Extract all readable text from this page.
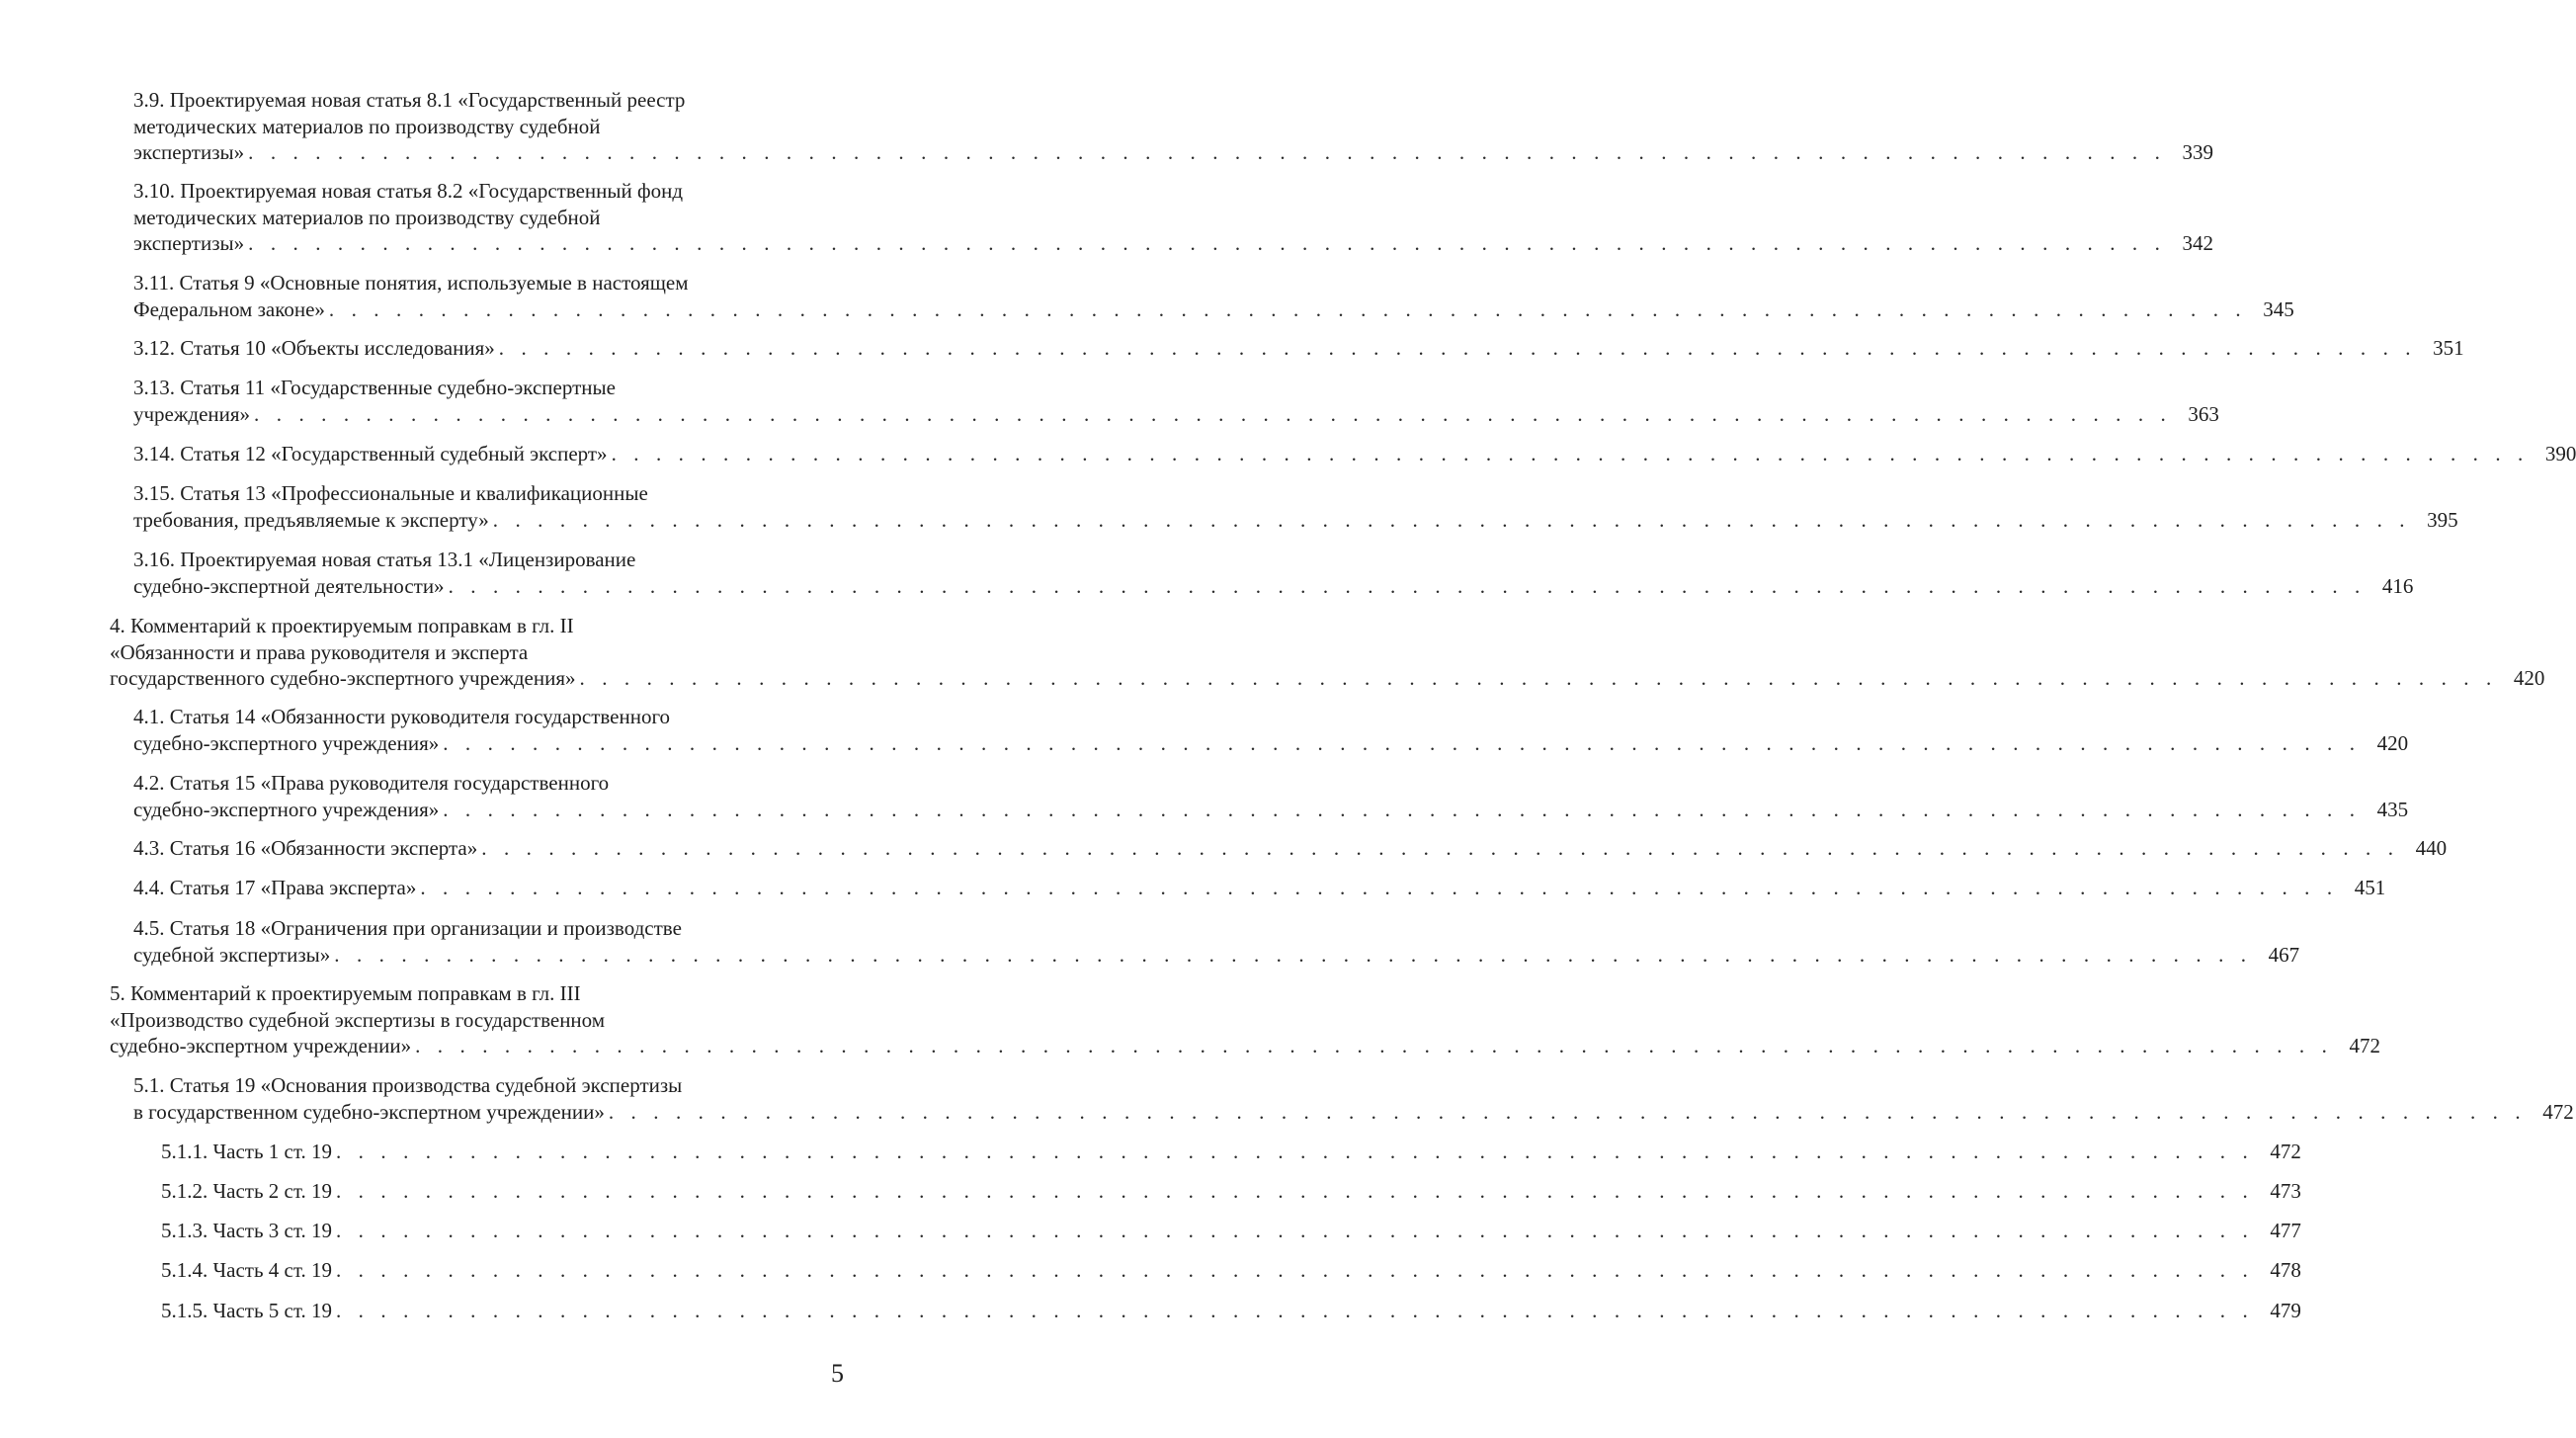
3.9. Проектируемая новая статья 8.1 «Государственный реестр
методических материалов по производству судебной
экспертизы» . . . . . . . . . . . . . . . . . . . . . . . . . . . . . . . . . . . . . . . . . . . . . . . . . . . . . . . . . . . . . . . . . . . . . . . . . . . . . . . . . . . . . . 339
3.10. Проектируемая новая статья 8.2 «Государственный фонд
методических материалов по производству судебной
экспертизы» . . . . . . . . . . . . . . . . . . . . . . . . . . . . . . . . . . . . . . . . . . . . . . . . . . . . . . . . . . . . . . . . . . . . . . . . . . . . . . . . . . . . . . 342
3.11. Статья 9 «Основные понятия, используемые в настоящем
Федеральном законе» . . . . . . . . . . . . . . . . . . . . . . . . . . . . . . . . . . . . . . . . . . . . . . . . . . . . . . . . . . . . . . . . . . . . . . . . . . . . . . . . . . . . . . 345
3.12. Статья 10 «Объекты исследования» . . . . . . . . . . . . . . . . . . . . . . . . . . . . . . . . . . . . . . . . . . . . . . . . . . . . . . . . . . . . . . . . . . . . . . . . . . . . . . . . . . . . . . 351
3.13. Статья 11 «Государственные судебно-экспертные
учреждения» . . . . . . . . . . . . . . . . . . . . . . . . . . . . . . . . . . . . . . . . . . . . . . . . . . . . . . . . . . . . . . . . . . . . . . . . . . . . . . . . . . . . . . 363
3.14. Статья 12 «Государственный судебный эксперт» . . . . . . . . . . . . . . . . . . . . . . . . . . . . . . . . . . . . . . . . . . . . . . . . . . . . . . . . . . . . . . . . . . . . . . . . . . . . . . . . . . . . . . 390
3.15. Статья 13 «Профессиональные и квалификационные
требования, предъявляемые к эксперту» . . . . . . . . . . . . . . . . . . . . . . . . . . . . . . . . . . . . . . . . . . . . . . . . . . . . . . . . . . . . . . . . . . . . . . . . . . . . . . . . . . . . . . 395
3.16. Проектируемая новая статья 13.1 «Лицензирование
судебно-экспертной деятельности» . . . . . . . . . . . . . . . . . . . . . . . . . . . . . . . . . . . . . . . . . . . . . . . . . . . . . . . . . . . . . . . . . . . . . . . . . . . . . . . . . . . . . . 416
4. Комментарий к проектируемым поправкам в гл. II
«Обязанности и права руководителя и эксперта
государственного судебно-экспертного учреждения» . . . . . . . . . . . . . . . . . . . . . . . . . . . . . . . . . . . . . . . . . . . . . . . . . . . . . . . . . . . . . . . . . . . . . . . . . . . . . . . . . . . . . . 420
4.1. Статья 14 «Обязанности руководителя государственного
судебно-экспертного учреждения» . . . . . . . . . . . . . . . . . . . . . . . . . . . . . . . . . . . . . . . . . . . . . . . . . . . . . . . . . . . . . . . . . . . . . . . . . . . . . . . . . . . . . . 420
4.2. Статья 15 «Права руководителя государственного
судебно-экспертного учреждения» . . . . . . . . . . . . . . . . . . . . . . . . . . . . . . . . . . . . . . . . . . . . . . . . . . . . . . . . . . . . . . . . . . . . . . . . . . . . . . . . . . . . . . 435
4.3. Статья 16 «Обязанности эксперта» . . . . . . . . . . . . . . . . . . . . . . . . . . . . . . . . . . . . . . . . . . . . . . . . . . . . . . . . . . . . . . . . . . . . . . . . . . . . . . . . . . . . . . 440
4.4. Статья 17 «Права эксперта» . . . . . . . . . . . . . . . . . . . . . . . . . . . . . . . . . . . . . . . . . . . . . . . . . . . . . . . . . . . . . . . . . . . . . . . . . . . . . . . . . . . . . . 451
4.5. Статья 18 «Ограничения при организации и производстве
судебной экспертизы» . . . . . . . . . . . . . . . . . . . . . . . . . . . . . . . . . . . . . . . . . . . . . . . . . . . . . . . . . . . . . . . . . . . . . . . . . . . . . . . . . . . . . . 467
5. Комментарий к проектируемым поправкам в гл. III
«Производство судебной экспертизы в государственном
судебно-экспертном учреждении» . . . . . . . . . . . . . . . . . . . . . . . . . . . . . . . . . . . . . . . . . . . . . . . . . . . . . . . . . . . . . . . . . . . . . . . . . . . . . . . . . . . . . . 472
5.1. Статья 19 «Основания производства судебной экспертизы
в государственном судебно-экспертном учреждении» . . . . . . . . . . . . . . . . . . . . . . . . . . . . . . . . . . . . . . . . . . . . . . . . . . . . . . . . . . . . . . . . . . . . . . . . . . . . . . . . . . . . . . 472
5.1.1. Часть 1 ст. 19 . . . . . . . . . . . . . . . . . . . . . . . . . . . . . . . . . . . . . . . . . . . . . . . . . . . . . . . . . . . . . . . . . . . . . . . . . . . . . . . . . . . . . . 472
5.1.2. Часть 2 ст. 19 . . . . . . . . . . . . . . . . . . . . . . . . . . . . . . . . . . . . . . . . . . . . . . . . . . . . . . . . . . . . . . . . . . . . . . . . . . . . . . . . . . . . . . 473
5.1.3. Часть 3 ст. 19 . . . . . . . . . . . . . . . . . . . . . . . . . . . . . . . . . . . . . . . . . . . . . . . . . . . . . . . . . . . . . . . . . . . . . . . . . . . . . . . . . . . . . . 477
5.1.4. Часть 4 ст. 19 . . . . . . . . . . . . . . . . . . . . . . . . . . . . . . . . . . . . . . . . . . . . . . . . . . . . . . . . . . . . . . . . . . . . . . . . . . . . . . . . . . . . . . 478
5.1.5. Часть 5 ст. 19 . . . . . . . . . . . . . . . . . . . . . . . . . . . . . . . . . . . . . . . . . . . . . . . . . . . . . . . . . . . . . . . . . . . . . . . . . . . . . . . . . . . . . . 479
5
